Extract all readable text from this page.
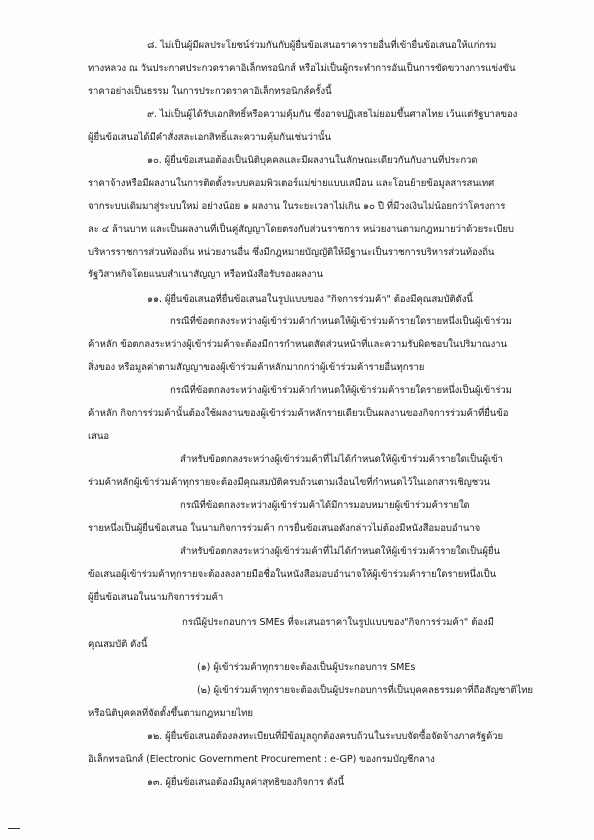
๘. ไม่เป็นผู้มีผลประโยชน์ร่วมกันกับผู้ยื่นข้อเสนอราคารายอื่นที่เข้ายื่นข้อเสนอให้แก่กรม
ทางหลวง ณ วันประกาศประกวดราคาอิเล็กทรอนิกส์ หรือไม่เป็นผู้กระทำการอันเป็นการขัดขวางการแข่งขัน
ราคาอย่างเป็นธรรม ในการประกวดราคาอิเล็กทรอนิกส์ครั้งนี้
๙. ไม่เป็นผู้ได้รับเอกสิทธิ์หรือความคุ้มกัน ซึ่งอาจปฏิเสธไม่ยอมขึ้นศาลไทย เว้นแต่รัฐบาลของ
ผู้ยื่นข้อเสนอได้มีคำสั่งสละเอกสิทธิ์และความคุ้มกันเช่นว่านั้น
๑๐. ผู้ยื่นข้อเสนอต้องเป็นนิติบุคคลและมีผลงานในลักษณะเดียวกันกับงานที่ประกวด
ราคาจ้างหรือมีผลงานในการติดตั้งระบบคอมพิวเตอร์แม่ข่ายแบบเสมือน และโอนย้ายข้อมูลสารสนเทศ
จากระบบเดิมมาสู่ระบบใหม่ อย่างน้อย ๑ ผลงาน ในระยะเวลาไม่เกิน ๑๐ ปี ที่มีวงเงินไม่น้อยกว่าโครงการ
ละ ๔ ล้านบาท และเป็นผลงานที่เป็นคู่สัญญาโดยตรงกับส่วนราชการ หน่วยงานตามกฎหมายว่าด้วยระเบียบ
บริหารราชการส่วนท้องถิ่น หน่วยงานอื่น ซึ่งมีกฎหมายบัญญัติให้มีฐานะเป็นราชการบริหารส่วนท้องถิ่น
รัฐวิสาหกิจโดยแนบสำเนาสัญญา หรือหนังสือรับรองผลงาน
๑๑. ผู้ยื่นข้อเสนอที่ยื่นข้อเสนอในรูปแบบของ "กิจการร่วมค้า" ต้องมีคุณสมบัติดังนี้
กรณีที่ข้อตกลงระหว่างผู้เข้าร่วมค้ากำหนดให้ผู้เข้าร่วมค้ารายใดรายหนึ่งเป็นผู้เข้าร่วม
ค้าหลัก ข้อตกลงระหว่างผู้เข้าร่วมค้าจะต้องมีการกำหนดสัดส่วนหน้าที่และความรับผิดชอบในปริมาณงาน
สิ่งของ หรือมูลค่าตามสัญญาของผู้เข้าร่วมค้าหลักมากกว่าผู้เข้าร่วมค้ารายอื่นทุกราย
กรณีที่ข้อตกลงระหว่างผู้เข้าร่วมค้ากำหนดให้ผู้เข้าร่วมค้ารายใดรายหนึ่งเป็นผู้เข้าร่วม
ค้าหลัก กิจการร่วมค้านั้นต้องใช้ผลงานของผู้เข้าร่วมค้าหลักรายเดียวเป็นผลงานของกิจการร่วมค้าที่ยื่นข้อ
เสนอ
สำหรับข้อตกลงระหว่างผู้เข้าร่วมค้าที่ไม่ได้กำหนดให้ผู้เข้าร่วมค้ารายใดเป็นผู้เข้า
ร่วมค้าหลักผู้เข้าร่วมค้าทุกรายจะต้องมีคุณสมบัติครบถ้วนตามเงื่อนไขที่กำหนดไว้ในเอกสารเชิญชวน
กรณีที่ข้อตกลงระหว่างผู้เข้าร่วมค้าได้มีการมอบหมายผู้เข้าร่วมค้ารายใด
รายหนึ่งเป็นผู้ยื่นข้อเสนอ ในนามกิจการร่วมค้า การยื่นข้อเสนอดังกล่าวไม่ต้องมีหนังสือมอบอำนาจ
สำหรับข้อตกลงระหว่างผู้เข้าร่วมค้าที่ไม่ได้กำหนดให้ผู้เข้าร่วมค้ารายใดเป็นผู้ยื่น
ข้อเสนอผู้เข้าร่วมค้าทุกรายจะต้องลงลายมือชื่อในหนังสือมอบอำนาจให้ผู้เข้าร่วมค้ารายใดรายหนึ่งเป็น
ผู้ยื่นข้อเสนอในนามกิจการร่วมค้า
กรณีผู้ประกอบการ SMEs ที่จะเสนอราคาในรูปแบบของ"กิจการร่วมค้า" ต้องมี
คุณสมบัติ ดังนี้
(๑) ผู้เข้าร่วมค้าทุกรายจะต้องเป็นผู้ประกอบการ SMEs
(๒) ผู้เข้าร่วมค้าทุกรายจะต้องเป็นผู้ประกอบการที่เป็นบุคคลธรรมดาที่ถือสัญชาติไทย
หรือนิติบุคคลที่จัดตั้งขึ้นตามกฎหมายไทย
๑๒. ผู้ยื่นข้อเสนอต้องลงทะเบียนที่มีข้อมูลถูกต้องครบถ้วนในระบบจัดซื้อจัดจ้างภาครัฐด้วย
อิเล็กทรอนิกส์ (Electronic Government Procurement : e-GP) ของกรมบัญชีกลาง
๑๓. ผู้ยื่นข้อเสนอต้องมีมูลค่าสุทธิของกิจการ ดังนี้
